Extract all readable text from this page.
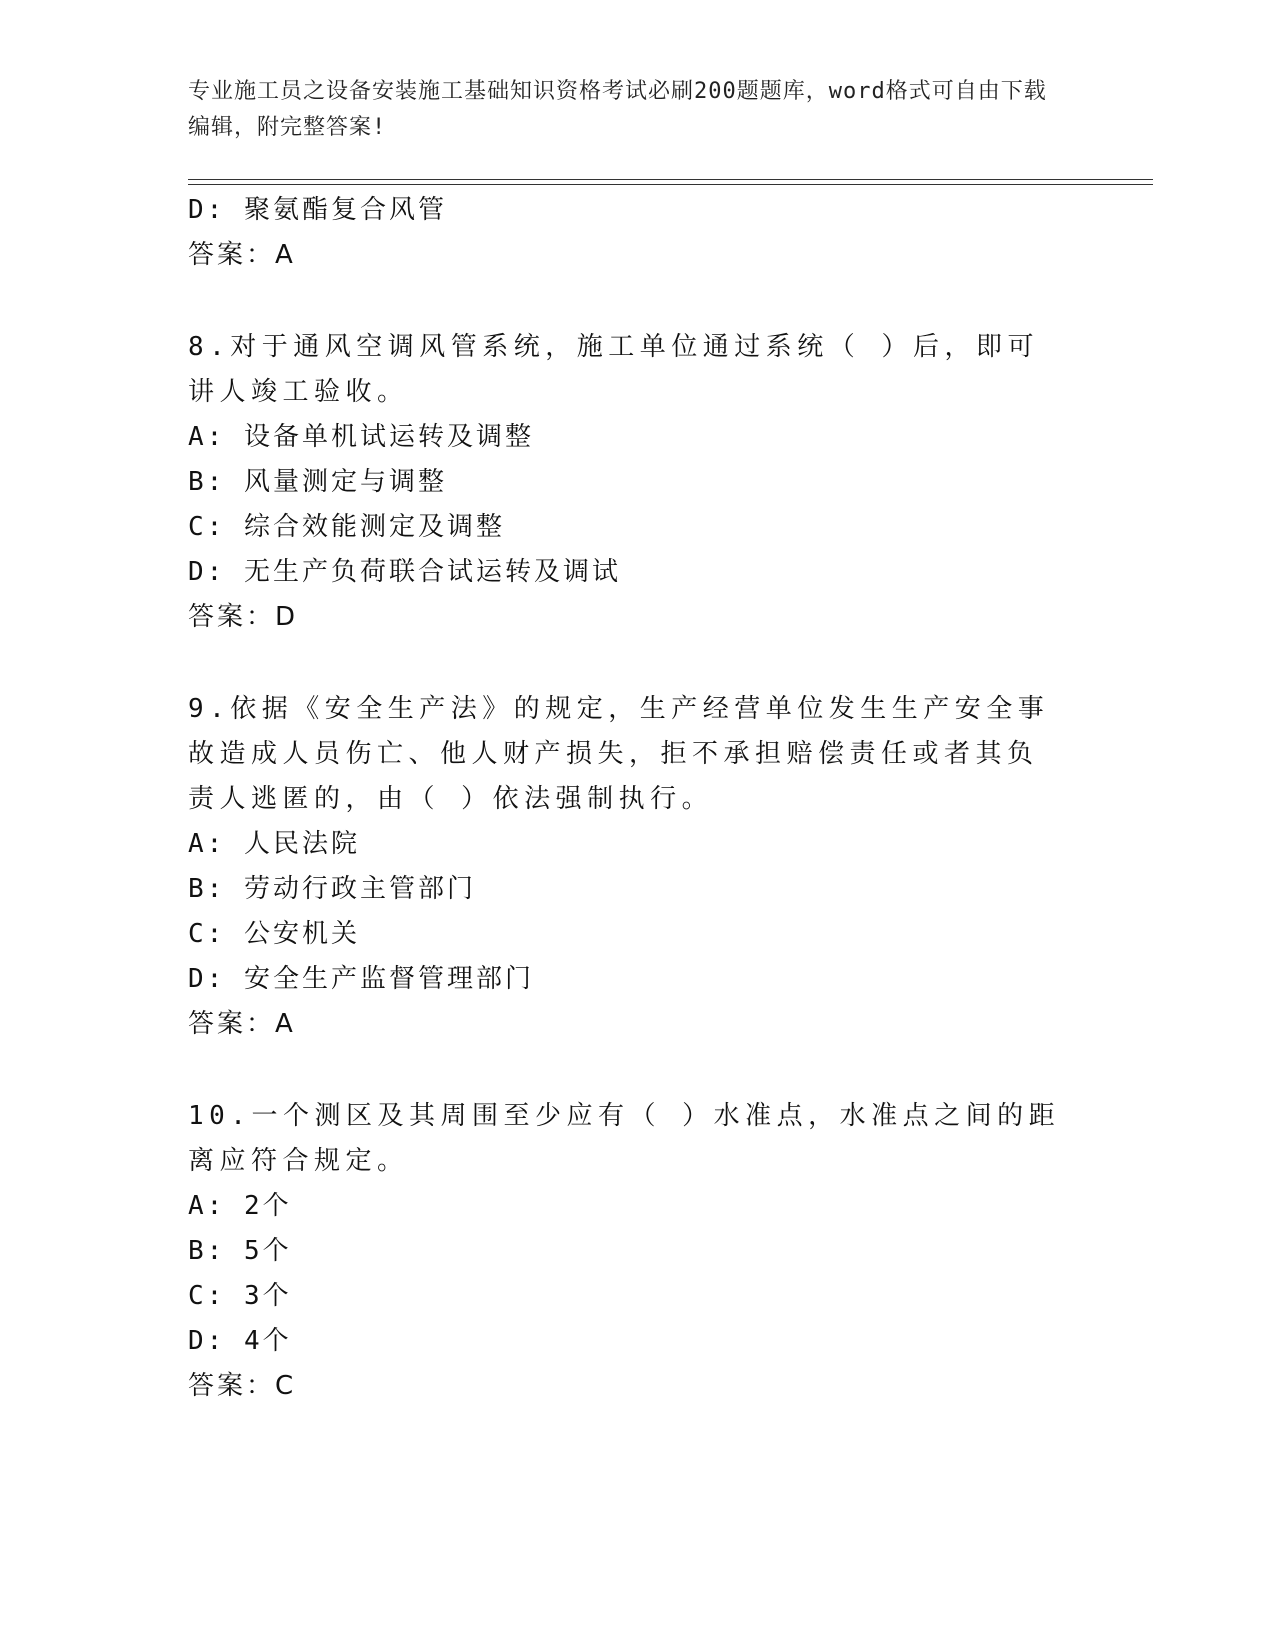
专业施工员之设备安装施工基础知识资格考试必刷200题题库，word格式可自由下载编辑，附完整答案!
D: 聚氨酯复合风管
答案：A
8.对于通风空调风管系统，施工单位通过系统（ ）后，即可讲人竣工验收。
A: 设备单机试运转及调整
B: 风量测定与调整
C: 综合效能测定及调整
D: 无生产负荷联合试运转及调试
答案：D
9.依据《安全生产法》的规定，生产经营单位发生生产安全事故造成人员伤亡、他人财产损失，拒不承担赔偿责任或者其负责人逃匿的，由（ ）依法强制执行。
A: 人民法院
B: 劳动行政主管部门
C: 公安机关
D: 安全生产监督管理部门
答案：A
10.一个测区及其周围至少应有（ ）水准点，水准点之间的距离应符合规定。
A: 2个
B: 5个
C: 3个
D: 4个
答案：C
